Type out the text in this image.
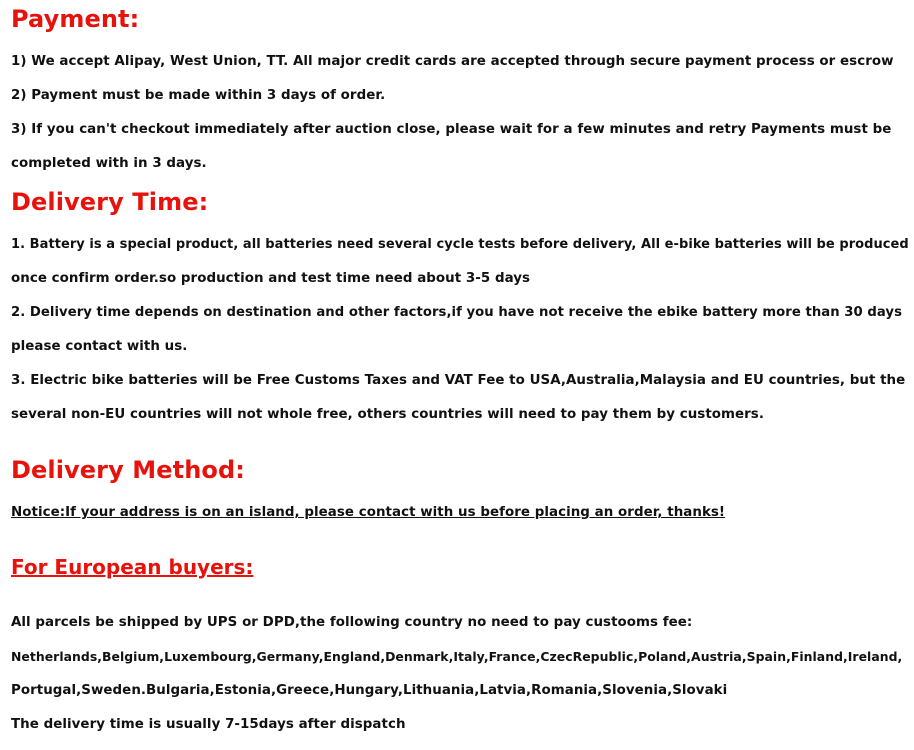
Payment:
1) We accept Alipay, West Union, TT. All major credit cards are accepted through secure payment process or escrow
2) Payment must be made within 3 days of order.
3) If you can't checkout immediately after auction close, please wait for a few minutes and retry Payments must be
completed with in 3 days.
Delivery Time:
1. Battery is a special product, all batteries need several cycle tests before delivery, All e-bike batteries will be produced
once confirm order.so production and test time need about 3-5 days
2. Delivery time depends on destination and other factors,if you have not receive the ebike battery more than 30 days
please contact with us.
3. Electric bike batteries will be Free Customs Taxes and VAT Fee to USA,Australia,Malaysia and EU countries, but the
several non-EU countries will not whole free, others countries will need to pay them by customers.
Delivery Method:
Notice:If your address is on an island, please contact with us before placing an order, thanks!
For European buyers:
All parcels be shipped by UPS or DPD,the following country no need to pay custooms fee:
Netherlands,Belgium,Luxembourg,Germany,England,Denmark,Italy,France,CzecRepublic,Poland,Austria,Spain,Finland,Ireland,
Portugal,Sweden.Bulgaria,Estonia,Greece,Hungary,Lithuania,Latvia,Romania,Slovenia,Slovaki
The delivery time is usually 7-15days after dispatch
